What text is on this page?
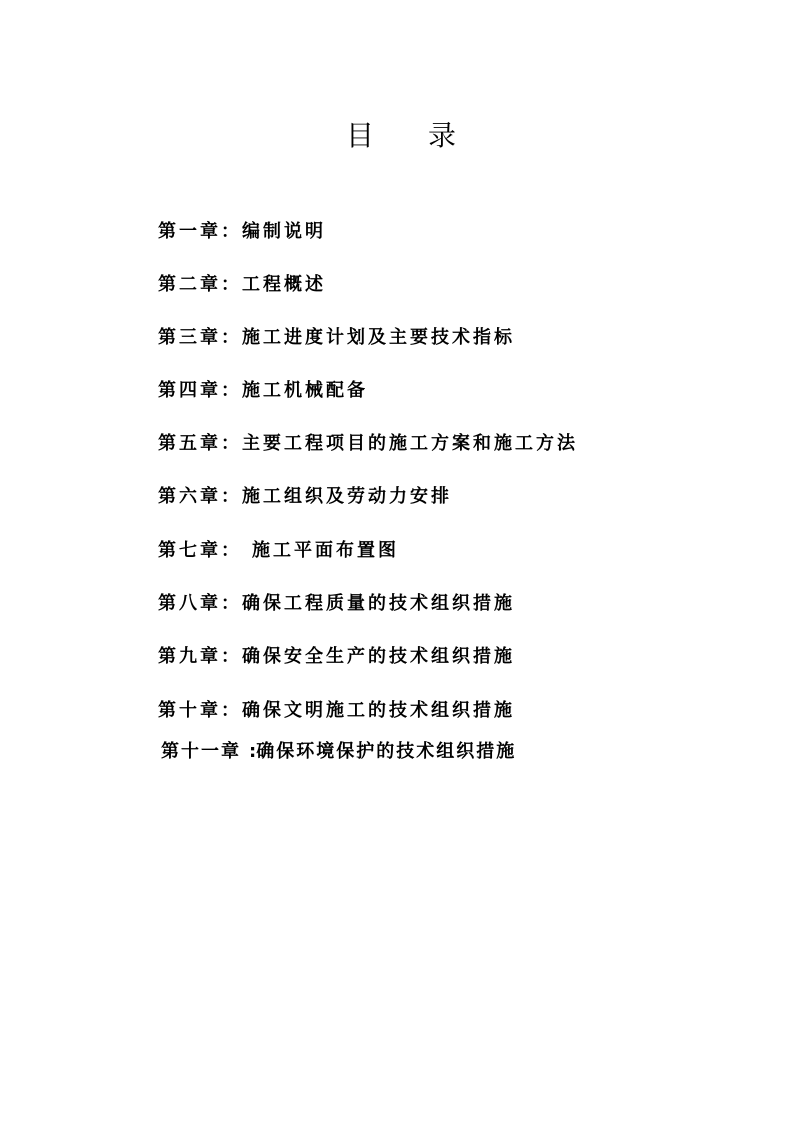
目录
第一章：编制说明
第二章：工程概述
第三章：施工进度计划及主要技术指标
第四章：施工机械配备
第五章：主要工程项目的施工方案和施工方法
第六章：施工组织及劳动力安排
第七章： 施工平面布置图
第八章：确保工程质量的技术组织措施
第九章：确保安全生产的技术组织措施
第十章：确保文明施工的技术组织措施
第十一章 :确保环境保护的技术组织措施
